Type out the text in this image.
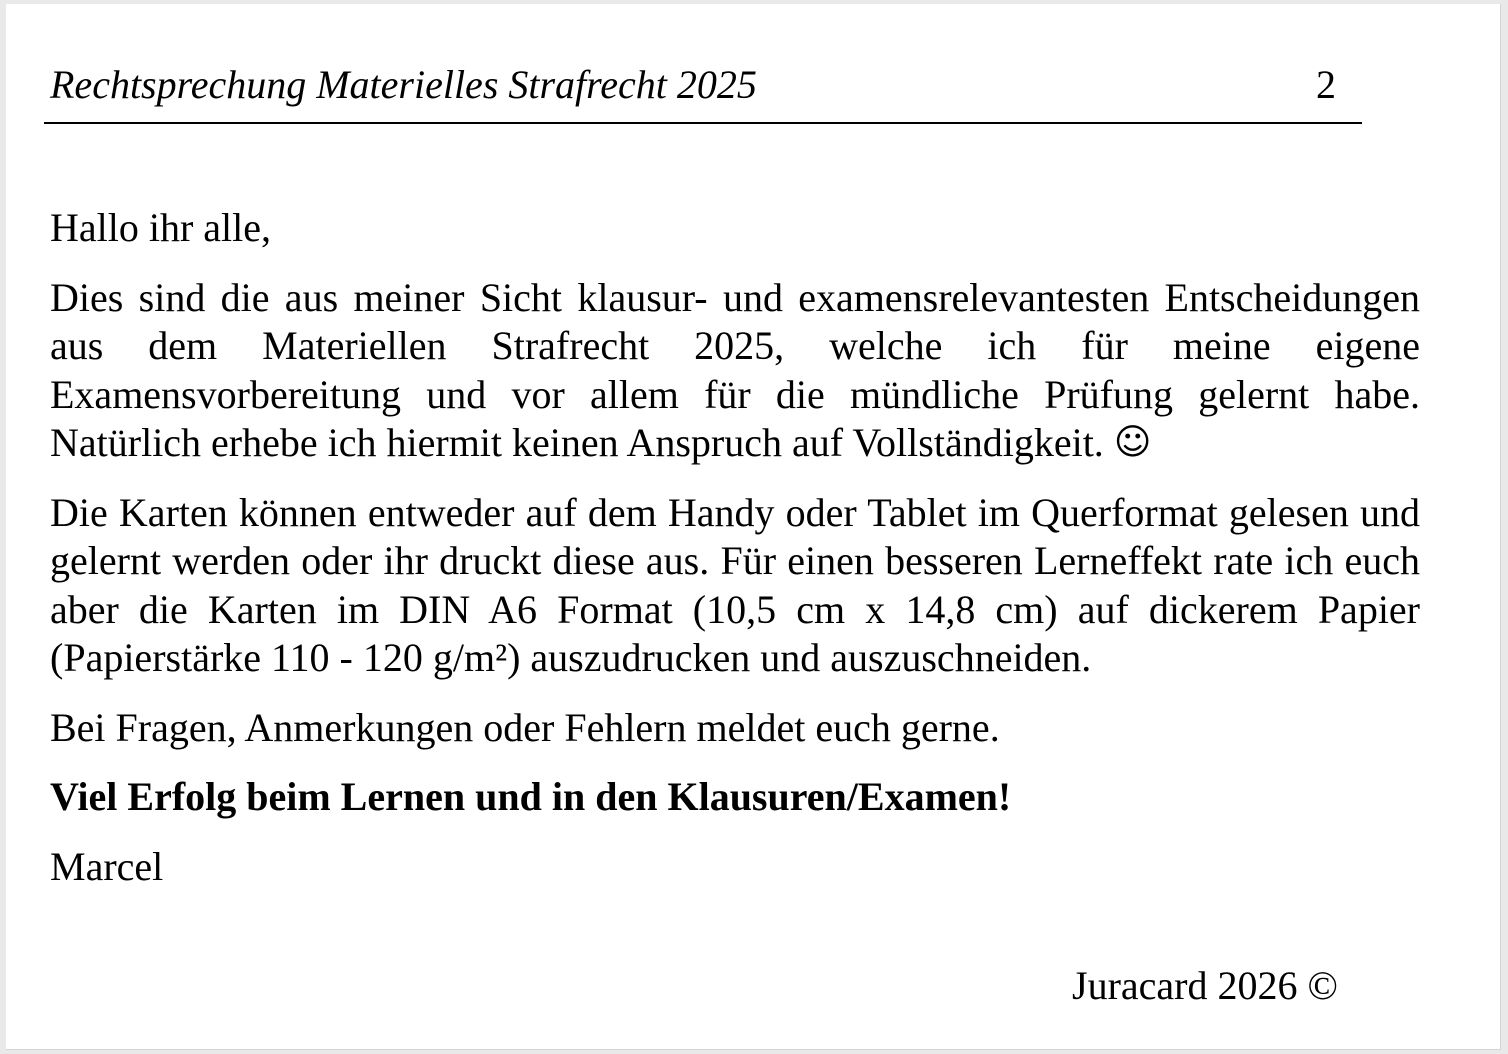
Rechtsprechung Materielles Strafrecht 2025	2

Hallo ihr alle,

Dies sind die aus meiner Sicht klausur- und examensrelevantesten Entscheidungen aus dem Materiellen Strafrecht 2025, welche ich für meine eigene Examensvorbereitung und vor allem für die mündliche Prüfung gelernt habe. Natürlich erhebe ich hiermit keinen Anspruch auf Vollständigkeit. ☺

Die Karten können entweder auf dem Handy oder Tablet im Querformat gelesen und gelernt werden oder ihr druckt diese aus. Für einen besseren Lerneffekt rate ich euch aber die Karten im DIN A6 Format (10,5 cm x 14,8 cm) auf dickerem Papier (Papierstärke 110 - 120 g/m²) auszudrucken und auszuschneiden.

Bei Fragen, Anmerkungen oder Fehlern meldet euch gerne.

Viel Erfolg beim Lernen und in den Klausuren/Examen!

Marcel

Juracard 2026 ©
